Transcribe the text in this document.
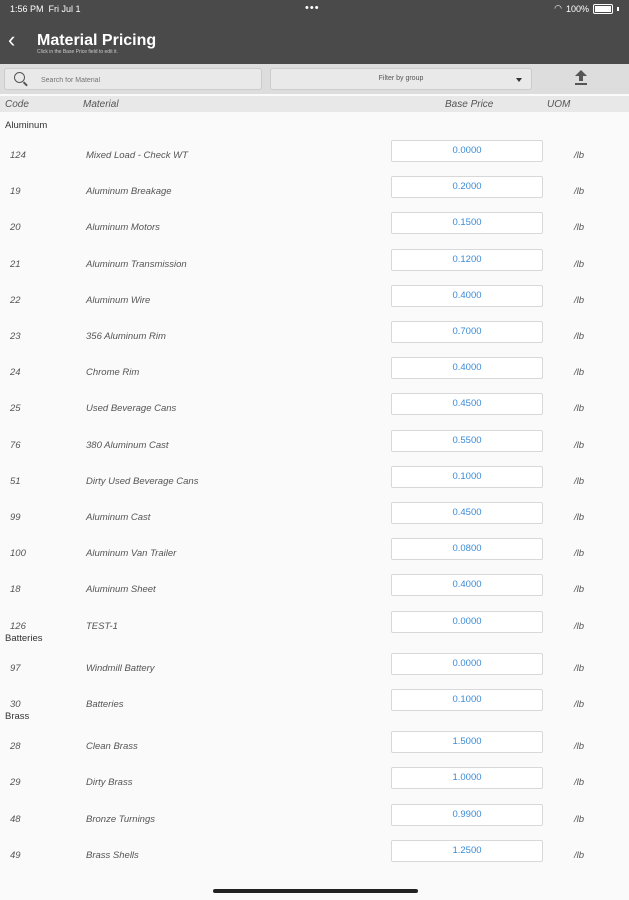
1:56 PM Fri Jul 1	•••	◠ 100%
‹	Material Pricing
Click in the Base Price field to edit it.
Search for Material
Filter by group
Code	Material	Base Price	UOM
Aluminum
124	Mixed Load - Check WT	0.0000	/lb
19	Aluminum Breakage	0.2000	/lb
20	Aluminum Motors	0.1500	/lb
21	Aluminum Transmission	0.1200	/lb
22	Aluminum Wire	0.4000	/lb
23	356 Aluminum Rim	0.7000	/lb
24	Chrome Rim	0.4000	/lb
25	Used Beverage Cans	0.4500	/lb
76	380 Aluminum Cast	0.5500	/lb
51	Dirty Used Beverage Cans	0.1000	/lb
99	Aluminum Cast	0.4500	/lb
100	Aluminum Van Trailer	0.0800	/lb
18	Aluminum Sheet	0.4000	/lb
126	TEST-1	0.0000	/lb
Batteries
97	Windmill Battery	0.0000	/lb
30	Batteries	0.1000	/lb
Brass
28	Clean Brass	1.5000	/lb
29	Dirty Brass	1.0000	/lb
48	Bronze Turnings	0.9900	/lb
49	Brass Shells	1.2500	/lb
